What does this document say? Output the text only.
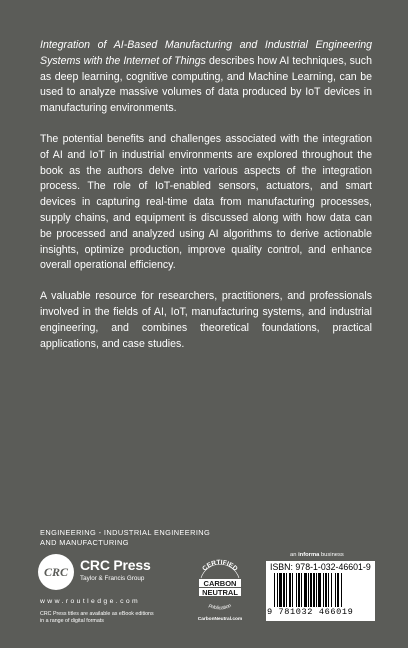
Integration of AI-Based Manufacturing and Industrial Engineering Systems with the Internet of Things describes how AI techniques, such as deep learning, cognitive computing, and Machine Learning, can be used to analyze massive volumes of data produced by IoT devices in manufacturing environments.

The potential benefits and challenges associated with the integration of AI and IoT in industrial environments are explored throughout the book as the authors delve into various aspects of the integration process. The role of IoT-enabled sensors, actuators, and smart devices in capturing real-time data from manufacturing processes, supply chains, and equipment is discussed along with how data can be processed and analyzed using AI algorithms to derive actionable insights, optimize production, improve quality control, and enhance overall operational efficiency.

A valuable resource for researchers, practitioners, and professionals involved in the fields of AI, IoT, manufacturing systems, and industrial engineering, and combines theoretical foundations, practical applications, and case studies.

ENGINEERING - INDUSTRIAL ENGINEERING
AND MANUFACTURING
CRC CRC Press
Taylor & Francis Group
www.routledge.com
CRC Press titles are available as eBook editions
in a range of digital formats
CERTIFIED
CARBON
NEUTRAL
publication
CarbonNeutral.com
an informa business
ISBN: 978-1-032-46601-9
9 781032 466019
